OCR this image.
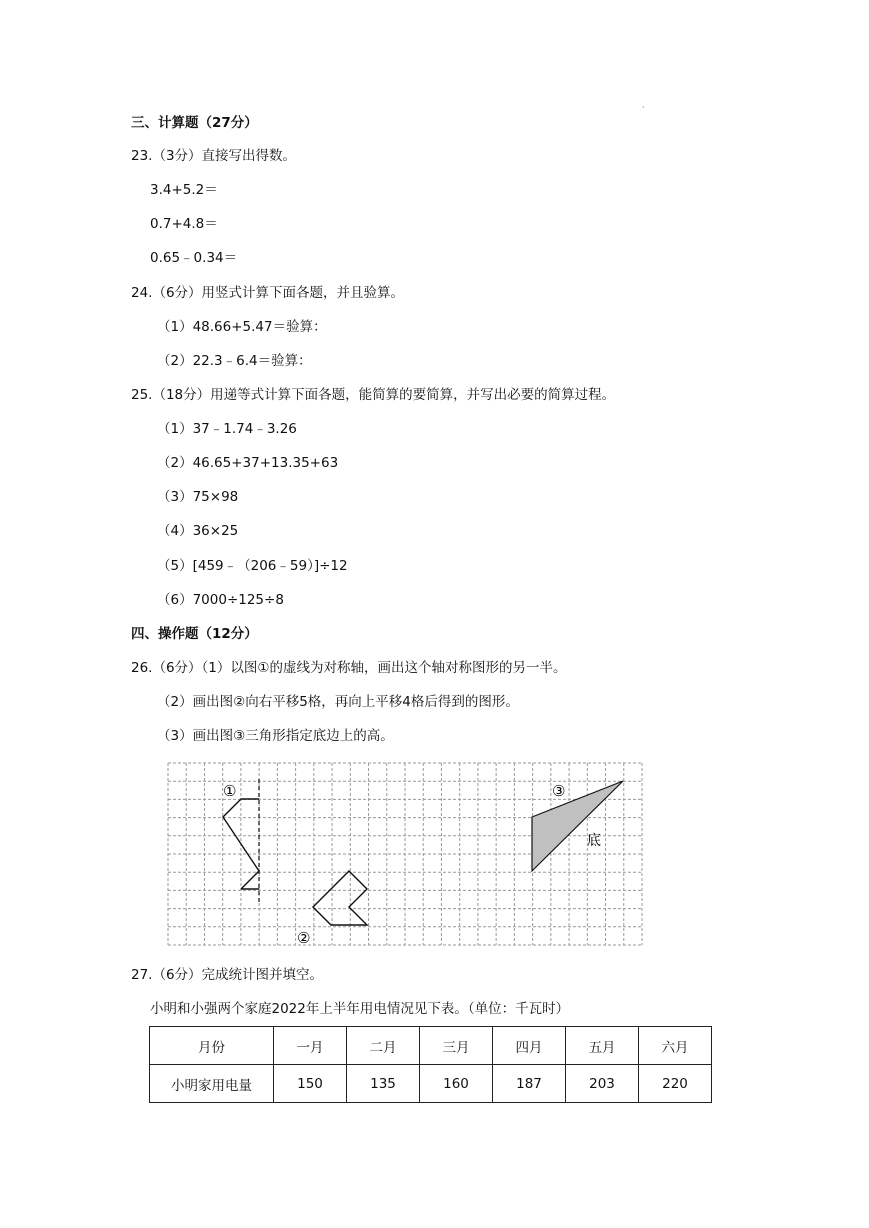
·
三、计算题（27分）
23.（3分）直接写出得数。
3.4+5.2＝
0.7+4.8＝
0.65﹣0.34＝
24.（6分）用竖式计算下面各题，并且验算。
（1）48.66+5.47＝验算：
（2）22.3﹣6.4＝验算：
25.（18分）用递等式计算下面各题，能简算的要简算，并写出必要的简算过程。
（1）37﹣1.74﹣3.26
（2）46.65+37+13.35+63
（3）75×98
（4）36×25
（5）[459﹣（206﹣59）]÷12
（6）7000÷125÷8
四、操作题（12分）
26.（6分）（1）以图①的虚线为对称轴，画出这个轴对称图形的另一半。
（2）画出图②向右平移5格，再向上平移4格后得到的图形。
（3）画出图③三角形指定底边上的高。
①
②
③
底
27.（6分）完成统计图并填空。
小明和小强两个家庭2022年上半年用电情况见下表。（单位：千瓦时）
月份	一月	二月	三月	四月	五月	六月
小明家用电量	150	135	160	187	203	220
